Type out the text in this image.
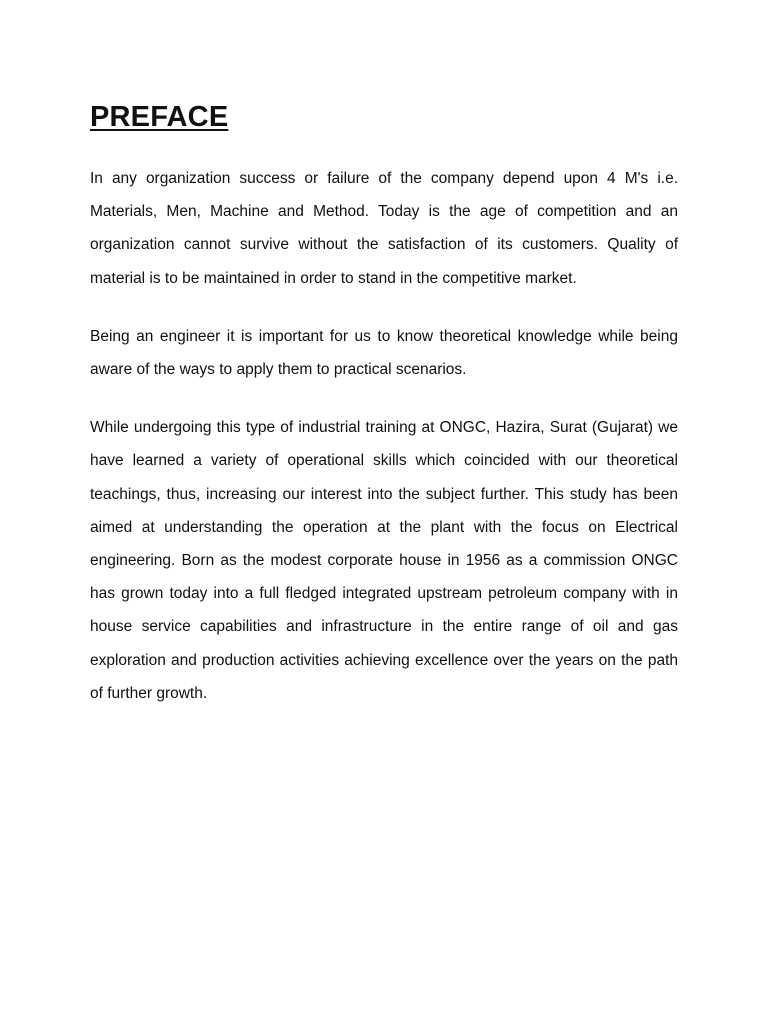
PREFACE

In any organization success or failure of the company depend upon 4 M's i.e. Materials, Men, Machine and Method. Today is the age of competition and an organization cannot survive without the satisfaction of its customers. Quality of material is to be maintained in order to stand in the competitive market.

Being an engineer it is important for us to know theoretical knowledge while being aware of the ways to apply them to practical scenarios.

While undergoing this type of industrial training at ONGC, Hazira, Surat (Gujarat) we have learned a variety of operational skills which coincided with our theoretical teachings, thus, increasing our interest into the subject further. This study has been aimed at understanding the operation at the plant with the focus on Electrical engineering. Born as the modest corporate house in 1956 as a commission ONGC has grown today into a full fledged integrated upstream petroleum company with in house service capabilities and infrastructure in the entire range of oil and gas exploration and production activities achieving excellence over the years on the path of further growth.
